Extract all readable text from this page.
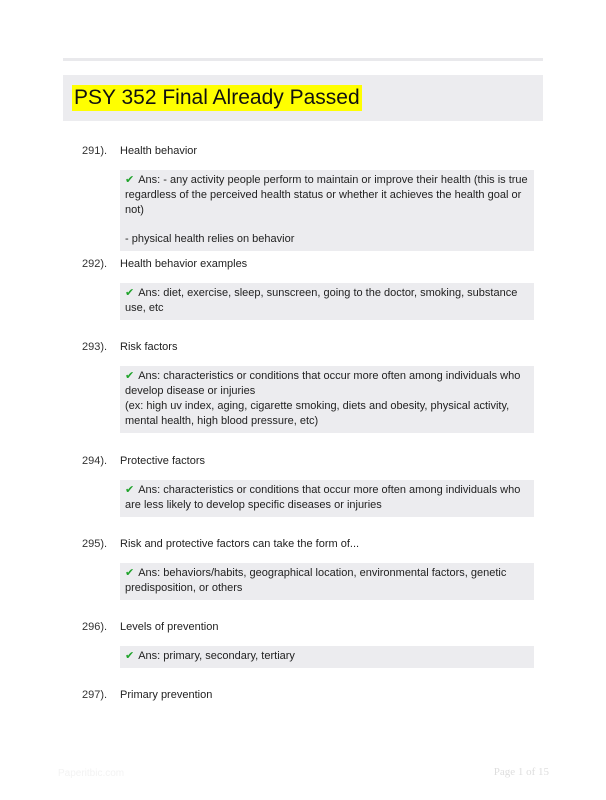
PSY 352 Final Already Passed
291). Health behavior
✔ Ans: - any activity people perform to maintain or improve their health (this is true regardless of the perceived health status or whether it achieves the health goal or not)
- physical health relies on behavior
292). Health behavior examples
✔ Ans: diet, exercise, sleep, sunscreen, going to the doctor, smoking, substance use, etc
293). Risk factors
✔ Ans: characteristics or conditions that occur more often among individuals who develop disease or injuries
(ex: high uv index, aging, cigarette smoking, diets and obesity, physical activity, mental health, high blood pressure, etc)
294). Protective factors
✔ Ans: characteristics or conditions that occur more often among individuals who are less likely to develop specific diseases or injuries
295). Risk and protective factors can take the form of...
✔ Ans: behaviors/habits, geographical location, environmental factors, genetic predisposition, or others
296). Levels of prevention
✔ Ans: primary, secondary, tertiary
297). Primary prevention
Paperitbic.com	Page 1 of 15
